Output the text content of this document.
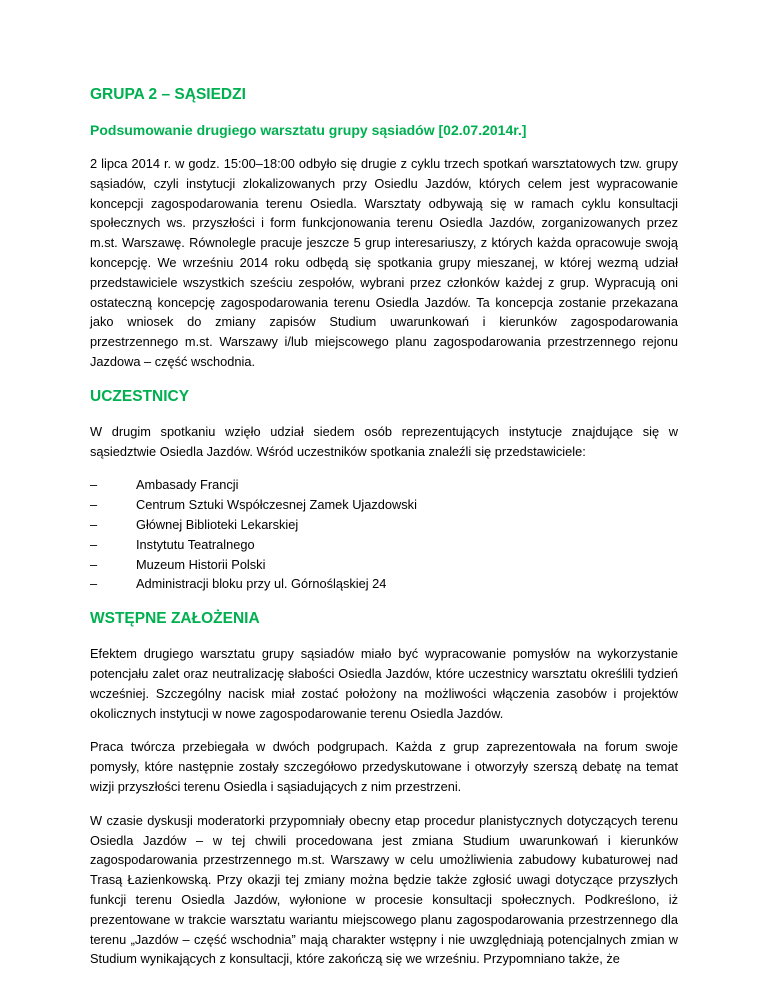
GRUPA 2 – SĄSIEDZI
Podsumowanie drugiego warsztatu grupy sąsiadów [02.07.2014r.]

2 lipca 2014 r. w godz. 15:00–18:00 odbyło się drugie z cyklu trzech spotkań warsztatowych tzw. grupy sąsiadów, czyli instytucji zlokalizowanych przy Osiedlu Jazdów, których celem jest wypracowanie koncepcji zagospodarowania terenu Osiedla. Warsztaty odbywają się w ramach cyklu konsultacji społecznych ws. przyszłości i form funkcjonowania terenu Osiedla Jazdów, zorganizowanych przez m.st. Warszawę. Równolegle pracuje jeszcze 5 grup interesariuszy, z których każda opracowuje swoją koncepcję. We wrześniu 2014 roku odbędą się spotkania grupy mieszanej, w której wezmą udział przedstawiciele wszystkich sześciu zespołów, wybrani przez członków każdej z grup. Wypracują oni ostateczną koncepcję zagospodarowania terenu Osiedla Jazdów. Ta koncepcja zostanie przekazana jako wniosek do zmiany zapisów Studium uwarunkowań i kierunków zagospodarowania przestrzennego m.st. Warszawy i/lub miejscowego planu zagospodarowania przestrzennego rejonu Jazdowa – część wschodnia.

UCZESTNICY

W drugim spotkaniu wzięło udział siedem osób reprezentujących instytucje znajdujące się w sąsiedztwie Osiedla Jazdów. Wśród uczestników spotkania znaleźli się przedstawiciele:

–	Ambasady Francji
–	Centrum Sztuki Współczesnej Zamek Ujazdowski
–	Głównej Biblioteki Lekarskiej
–	Instytutu Teatralnego
–	Muzeum Historii Polski
–	Administracji bloku przy ul. Górnośląskiej 24
WSTĘPNE ZAŁOŻENIA

Efektem drugiego warsztatu grupy sąsiadów miało być wypracowanie pomysłów na wykorzystanie potencjału zalet oraz neutralizację słabości Osiedla Jazdów, które uczestnicy warsztatu określili tydzień wcześniej. Szczególny nacisk miał zostać położony na możliwości włączenia zasobów i projektów okolicznych instytucji w nowe zagospodarowanie terenu Osiedla Jazdów.

Praca twórcza przebiegała w dwóch podgrupach. Każda z grup zaprezentowała na forum swoje pomysły, które następnie zostały szczegółowo przedyskutowane i otworzyły szerszą debatę na temat wizji przyszłości terenu Osiedla i sąsiadujących z nim przestrzeni.

W czasie dyskusji moderatorki przypomniały obecny etap procedur planistycznych dotyczących terenu Osiedla Jazdów – w tej chwili procedowana jest zmiana Studium uwarunkowań i kierunków zagospodarowania przestrzennego m.st. Warszawy w celu umożliwienia zabudowy kubaturowej nad Trasą Łazienkowską. Przy okazji tej zmiany można będzie także zgłosić uwagi dotyczące przyszłych funkcji terenu Osiedla Jazdów, wyłonione w procesie konsultacji społecznych. Podkreślono, iż prezentowane w trakcie warsztatu wariantu miejscowego planu zagospodarowania przestrzennego dla terenu „Jazdów – część wschodnia” mają charakter wstępny i nie uwzględniają potencjalnych zmian w Studium wynikających z konsultacji, które zakończą się we wrześniu. Przypomniano także, że
